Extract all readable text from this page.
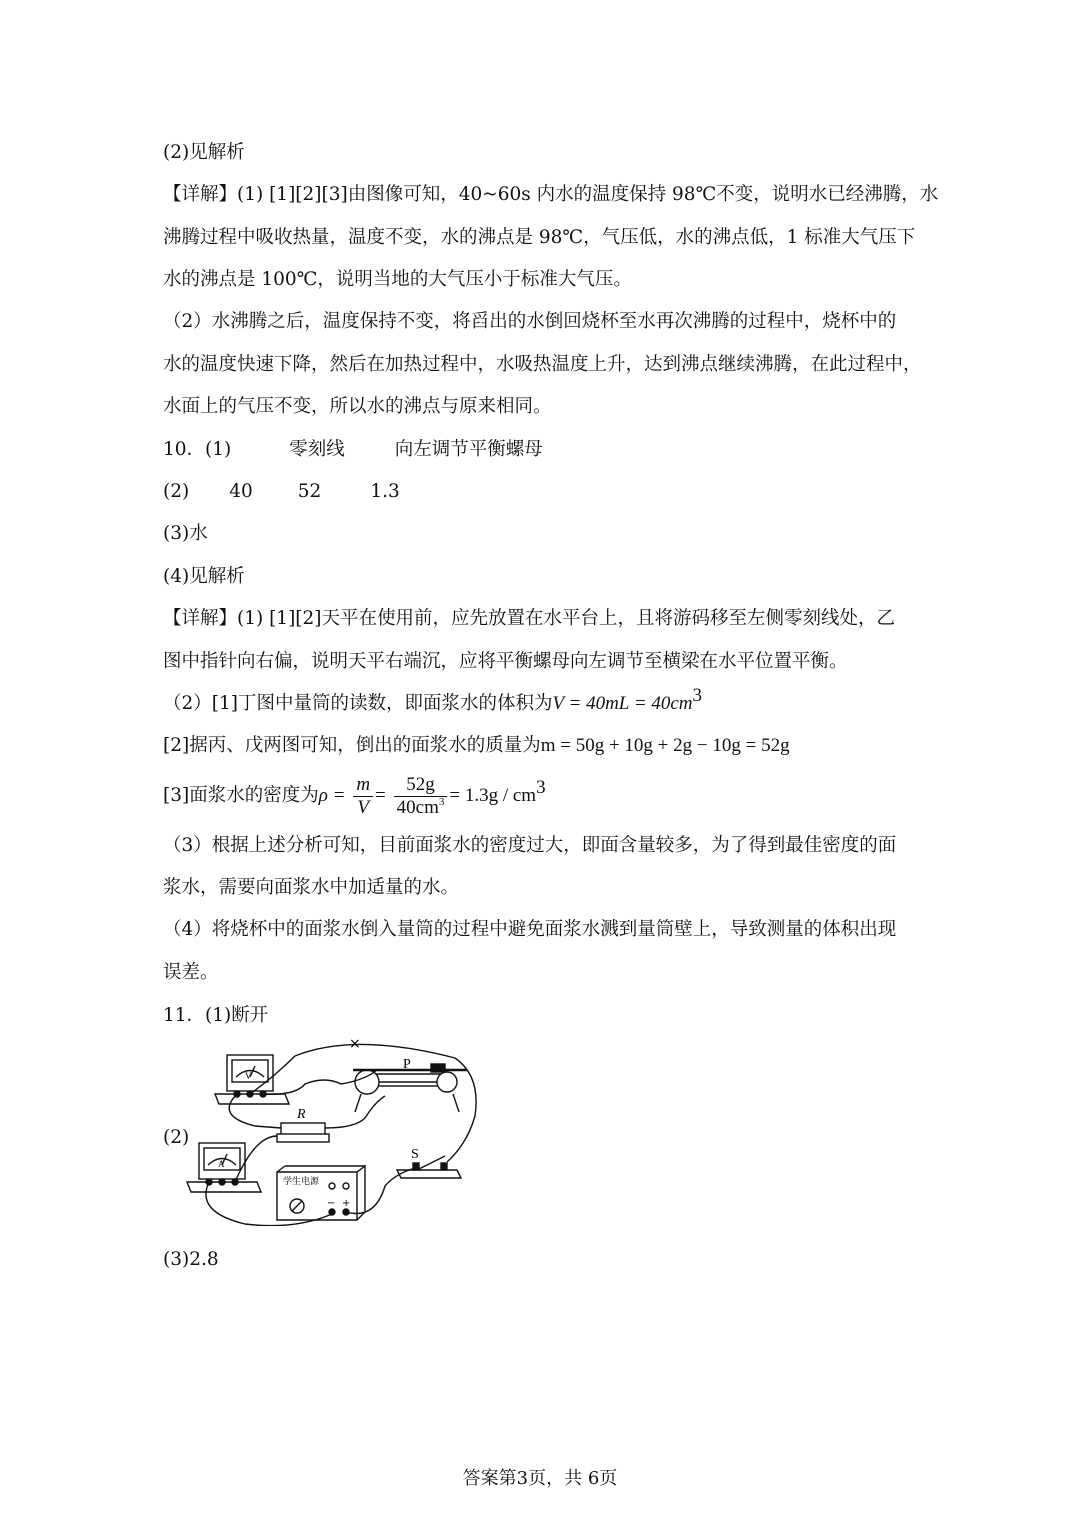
(2)见解析
【详解】(1) [1][2][3]由图像可知，40~60s 内水的温度保持 98℃不变，说明水已经沸腾，水
沸腾过程中吸收热量，温度不变，水的沸点是 98℃，气压低，水的沸点低，1 标准大气压下
水的沸点是 100℃，说明当地的大气压小于标准大气压。
（2）水沸腾之后，温度保持不变，将舀出的水倒回烧杯至水再次沸腾的过程中，烧杯中的
水的温度快速下降，然后在加热过程中，水吸热温度上升，达到沸点继续沸腾，在此过程中，
水面上的气压不变，所以水的沸点与原来相同。
10．(1)	零刻线	向左调节平衡螺母
(2) 40 52	1.3
(3)水
(4)见解析
【详解】(1) [1][2]天平在使用前，应先放置在水平台上，且将游码移至左侧零刻线处，乙
图中指针向右偏，说明天平右端沉，应将平衡螺母向左调节至横梁在水平位置平衡。
（2）[1]丁图中量筒的读数，即面浆水的体积为$V = 40mL = 40cm^3$
[2]据丙、戊两图可知，倒出的面浆水的质量为m = 50g + 10g + 2g − 10g = 52g
[3]面浆水的密度为$\rho = \frac{m}{V} = \frac{52g}{40cm^3} = 1.3g / cm^3$
（3）根据上述分析可知，目前面浆水的密度过大，即面含量较多，为了得到最佳密度的面
浆水，需要向面浆水中加适量的水。
（4）将烧杯中的面浆水倒入量筒的过程中避免面浆水溅到量筒壁上，导致测量的体积出现
误差。
11．(1)断开
(2)
×
P
R
S
V
A
学生电源
− +
(3)2.8
答案第3页，共 6页
